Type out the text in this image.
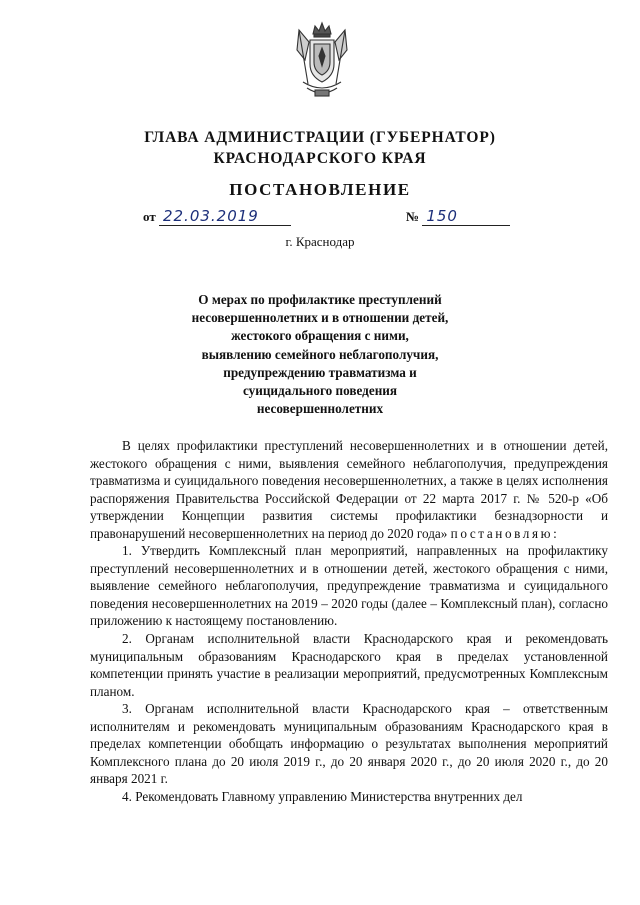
ГЛАВА АДМИНИСТРАЦИИ (ГУБЕРНАТОР)
КРАСНОДАРСКОГО КРАЯ
ПОСТАНОВЛЕНИЕ
от 22.03.2019	№ 150
г. Краснодар
О мерах по профилактике преступлений
несовершеннолетних и в отношении детей,
жестокого обращения с ними,
выявлению семейного неблагополучия,
предупреждению травматизма и
суицидального поведения
несовершеннолетних

В целях профилактики преступлений несовершеннолетних и в отношении детей, жестокого обращения с ними, выявления семейного неблагополучия, предупреждения травматизма и суицидального поведения несовершеннолетних, а также в целях исполнения распоряжения Правительства Российской Федерации от 22 марта 2017 г. № 520-р «Об утверждении Концепции развития системы профилактики безнадзорности и правонарушений несовершеннолетних на период до 2020 года» постановляю:

1. Утвердить Комплексный план мероприятий, направленных на профилактику преступлений несовершеннолетних и в отношении детей, жестокого обращения с ними, выявление семейного неблагополучия, предупреждение травматизма и суицидального поведения несовершеннолетних на 2019 – 2020 годы (далее – Комплексный план), согласно приложению к настоящему постановлению.

2. Органам исполнительной власти Краснодарского края и рекомендовать муниципальным образованиям Краснодарского края в пределах установленной компетенции принять участие в реализации мероприятий, предусмотренных Комплексным планом.

3. Органам исполнительной власти Краснодарского края – ответственным исполнителям и рекомендовать муниципальным образованиям Краснодарского края в пределах компетенции обобщать информацию о результатах выполнения мероприятий Комплексного плана до 20 июля 2019 г., до 20 января 2020 г., до 20 июля 2020 г., до 20 января 2021 г.

4. Рекомендовать Главному управлению Министерства внутренних дел
